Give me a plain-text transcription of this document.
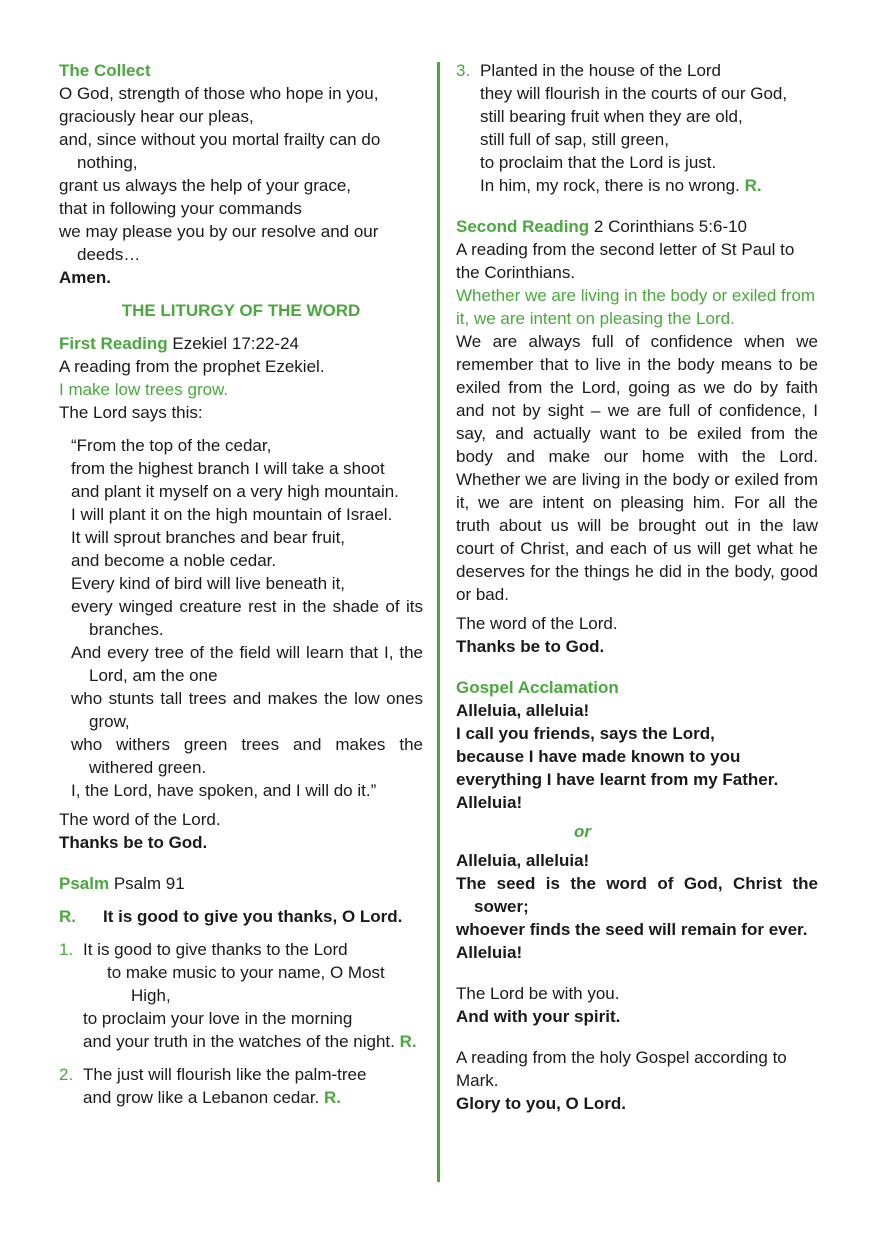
The Collect

O God, strength of those who hope in you,

graciously hear our pleas,

and, since without you mortal frailty can do nothing,

grant us always the help of your grace,

that in following your commands

we may please you by our resolve and our deeds…

Amen.

THE LITURGY OF THE WORD

First Reading Ezekiel 17:22-24

A reading from the prophet Ezekiel.

I make low trees grow.

The Lord says this:

“From the top of the cedar,

from the highest branch I will take a shoot

and plant it myself on a very high mountain.

I will plant it on the high mountain of Israel.

It will sprout branches and bear fruit,

and become a noble cedar.

Every kind of bird will live beneath it,

every winged creature rest in the shade of its branches.

And every tree of the field will learn that I, the Lord, am the one

who stunts tall trees and makes the low ones grow,

who withers green trees and makes the withered green.

I, the Lord, have spoken, and I will do it.”

The word of the Lord.

Thanks be to God.

Psalm Psalm 91

R.	It is good to give you thanks, O Lord.
1. It is good to give thanks to the Lord

to make music to your name, O Most High,

to proclaim your love in the morning

and your truth in the watches of the night. R.

2. The just will flourish like the palm-tree

and grow like a Lebanon cedar. R.

3. Planted in the house of the Lord

they will flourish in the courts of our God,

still bearing fruit when they are old,

still full of sap, still green,

to proclaim that the Lord is just.

In him, my rock, there is no wrong. R.

Second Reading 2 Corinthians 5:6-10

A reading from the second letter of St Paul to the Corinthians.

Whether we are living in the body or exiled from it, we are intent on pleasing the Lord.

We are always full of confidence when we remember that to live in the body means to be exiled from the Lord, going as we do by faith and not by sight – we are full of confidence, I say, and actually want to be exiled from the body and make our home with the Lord. Whether we are living in the body or exiled from it, we are intent on pleasing him. For all the truth about us will be brought out in the law court of Christ, and each of us will get what he deserves for the things he did in the body, good or bad.

The word of the Lord.

Thanks be to God.

Gospel Acclamation

Alleluia, alleluia!

I call you friends, says the Lord,

because I have made known to you

everything I have learnt from my Father.

Alleluia!

or

Alleluia, alleluia!

The seed is the word of God, Christ the sower;

whoever finds the seed will remain for ever.

Alleluia!

The Lord be with you.

And with your spirit.

A reading from the holy Gospel according to Mark.

Glory to you, O Lord.
